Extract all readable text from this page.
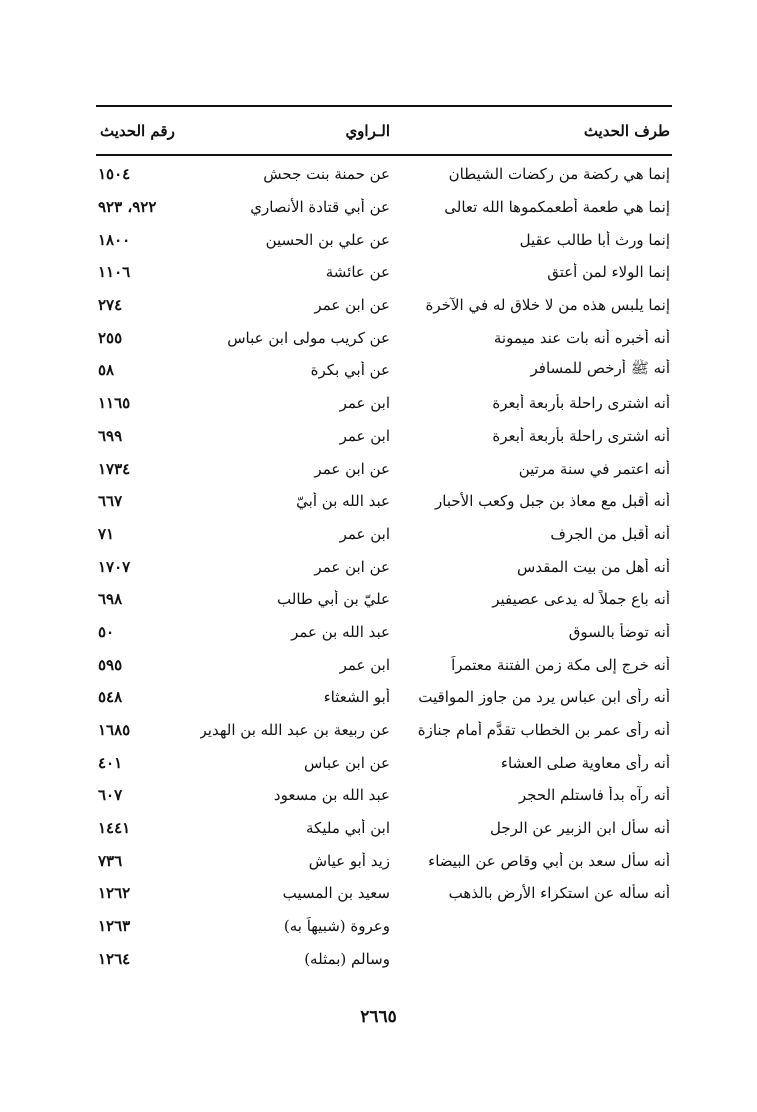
طرف الحديث
الـراوي
رقم الحديث
إنما هي ركضة من ركضات الشيطان
عن حمنة بنت جحش
١٥٠٤
إنما هي طعمة أطعمكموها الله تعالى
عن أبي قتادة الأنصاري
٩٢٢، ٩٢٣
إنما ورث أبا طالب عقيل
عن علي بن الحسين
١٨٠٠
إنما الولاء لمن أعتق
عن عائشة
١١٠٦
إنما يلبس هذه من لا خلاق له في الآخرة
عن ابن عمر
٢٧٤
أنه أخبره أنه بات عند ميمونة
عن كريب مولى ابن عباس
٢٥٥
أنه ﷺ أرخص للمسافر
عن أبي بكرة
٥٨
أنه اشترى راحلة بأربعة أبعرة
ابن عمر
١١٦٥
أنه اشترى راحلة بأربعة أبعرة
ابن عمر
٦٩٩
أنه اعتمر في سنة مرتين
عن ابن عمر
١٧٣٤
أنه أقبل مع معاذ بن جبل وكعب الأحبار
عبد الله بن أبيّ
٦٦٧
أنه أقبل من الجرف
ابن عمر
٧١
أنه أهل من بيت المقدس
عن ابن عمر
١٧٠٧
أنه باع جملاً له يدعى عصيفير
عليّ بن أبي طالب
٦٩٨
أنه توضأ بالسوق
عبد الله بن عمر
٥٠
أنه خرج إلى مكة زمن الفتنة معتمراً
ابن عمر
٥٩٥
أنه رأى ابن عباس يرد من جاوز المواقيت
أبو الشعثاء
٥٤٨
أنه رأى عمر بن الخطاب تقدَّم أمام جنازة
عن ربيعة بن عبد الله بن الهدير
١٦٨٥
أنه رأى معاوية صلى العشاء
عن ابن عباس
٤٠١
أنه رآه بدأ فاستلم الحجر
عبد الله بن مسعود
٦٠٧
أنه سأل ابن الزبير عن الرجل
ابن أبي مليكة
١٤٤١
أنه سأل سعد بن أبي وقاص عن البيضاء
زيد أبو عياش
٧٣٦
أنه سأله عن استكراء الأرض بالذهب
سعيد بن المسيب
١٢٦٢
وعروة (شبيهاً به)
١٢٦٣
وسالم (بمثله)
١٢٦٤
٢٦٦٥
